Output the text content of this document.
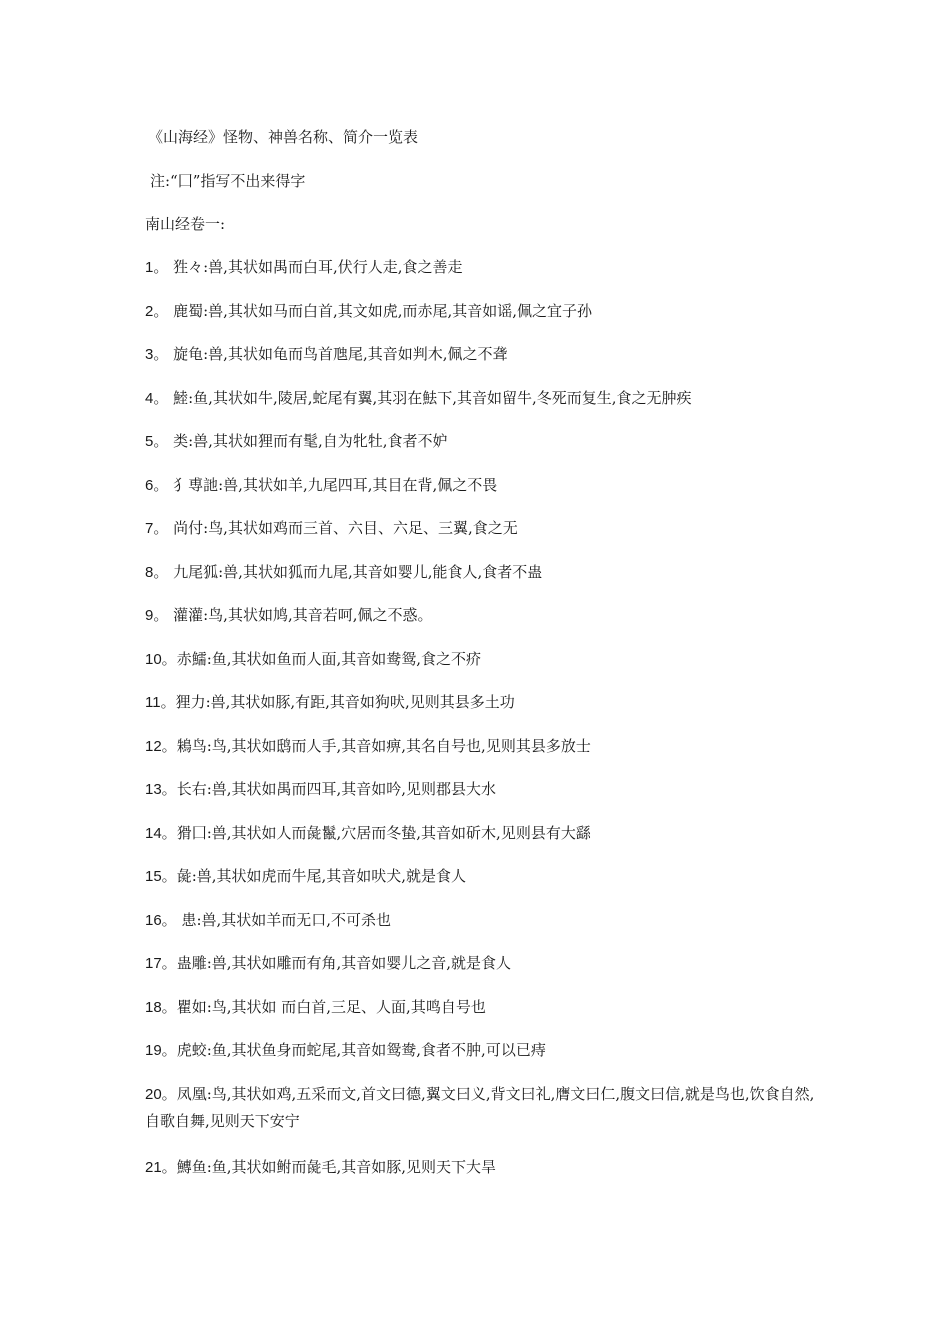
《山海经》怪物、神兽名称、简介一览表
注:“囗”指写不出来得字
南山经卷一:
1。 狌々:兽,其状如禺而白耳,伏行人走,食之善走
2。 鹿蜀:兽,其状如马而白首,其文如虎,而赤尾,其音如谣,佩之宜子孙
3。 旋龟:兽,其状如龟而鸟首虺尾,其音如判木,佩之不聋
4。 鯥:鱼,其状如牛,陵居,蛇尾有翼,其羽在魼下,其音如留牛,冬死而复生,食之无肿疾
5。 类:兽,其状如狸而有髦,自为牝牡,食者不妒
6。 犭尃訑:兽,其状如羊,九尾四耳,其目在背,佩之不畏
7。 尚付:鸟,其状如鸡而三首、六目、六足、三翼,食之无
8。 九尾狐:兽,其状如狐而九尾,其音如婴儿,能食人,食者不蛊
9。 灌灌:鸟,其状如鸠,其音若呵,佩之不惑。
10。赤鱬:鱼,其状如鱼而人面,其音如鸯鸳,食之不疥
11。狸力:兽,其状如豚,有距,其音如狗吠,见则其县多土功
12。鴸鸟:鸟,其状如鸱而人手,其音如痹,其名自号也,见则其县多放士
13。长右:兽,其状如禺而四耳,其音如吟,见则郡县大水
14。猾囗:兽,其状如人而彘鬣,穴居而冬蛰,其音如斫木,见则县有大繇
15。彘:兽,其状如虎而牛尾,其音如吠犬,就是食人
16。 患:兽,其状如羊而无口,不可杀也
17。蛊雕:兽,其状如雕而有角,其音如婴儿之音,就是食人
18。瞿如:鸟,其状如 而白首,三足、人面,其鸣自号也
19。虎蛟:鱼,其状鱼身而蛇尾,其音如鸳鸯,食者不肿,可以已痔
20。凤凰:鸟,其状如鸡,五采而文,首文曰德,翼文曰义,背文曰礼,膺文曰仁,腹文曰信,就是鸟也,饮食自然,自歌自舞,见则天下安宁
21。鱄鱼:鱼,其状如鲋而彘毛,其音如豚,见则天下大旱
